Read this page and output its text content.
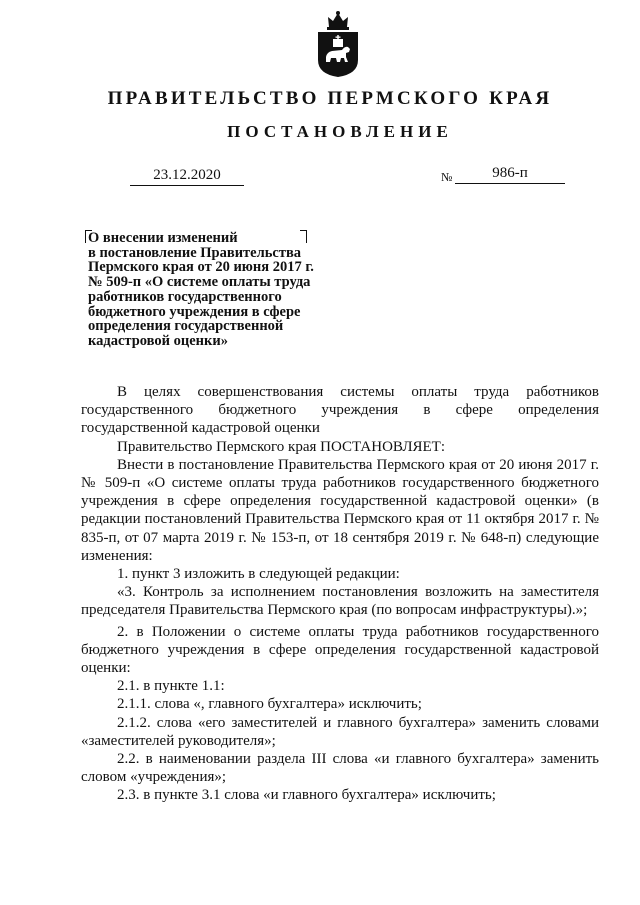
ПРАВИТЕЛЬСТВО ПЕРМСКОГО КРАЯ
ПОСТАНОВЛЕНИЕ
23.12.2020	№	986-п
О внесении изменений
в постановление Правительства
Пермского края от 20 июня 2017 г.
№ 509-п «О системе оплаты труда
работников государственного
бюджетного учреждения в сфере
определения государственной
кадастровой оценки»

В целях совершенствования системы оплаты труда работников государственного бюджетного учреждения в сфере определения государственной кадастровой оценки

Правительство Пермского края ПОСТАНОВЛЯЕТ:

Внести в постановление Правительства Пермского края от 20 июня 2017 г. № 509-п «О системе оплаты труда работников государственного бюджетного учреждения в сфере определения государственной кадастровой оценки» (в редакции постановлений Правительства Пермского края от 11 октября 2017 г. № 835-п, от 07 марта 2019 г. № 153-п, от 18 сентября 2019 г. № 648-п) следующие изменения:

1. пункт 3 изложить в следующей редакции:

«3. Контроль за исполнением постановления возложить на заместителя председателя Правительства Пермского края (по вопросам инфраструктуры).»;

2. в Положении о системе оплаты труда работников государственного бюджетного учреждения в сфере определения государственной кадастровой оценки:

2.1. в пункте 1.1:

2.1.1. слова «, главного бухгалтера» исключить;

2.1.2. слова «его заместителей и главного бухгалтера» заменить словами «заместителей руководителя»;

2.2. в наименовании раздела III слова «и главного бухгалтера» заменить словом «учреждения»;

2.3. в пункте 3.1 слова «и главного бухгалтера» исключить;
